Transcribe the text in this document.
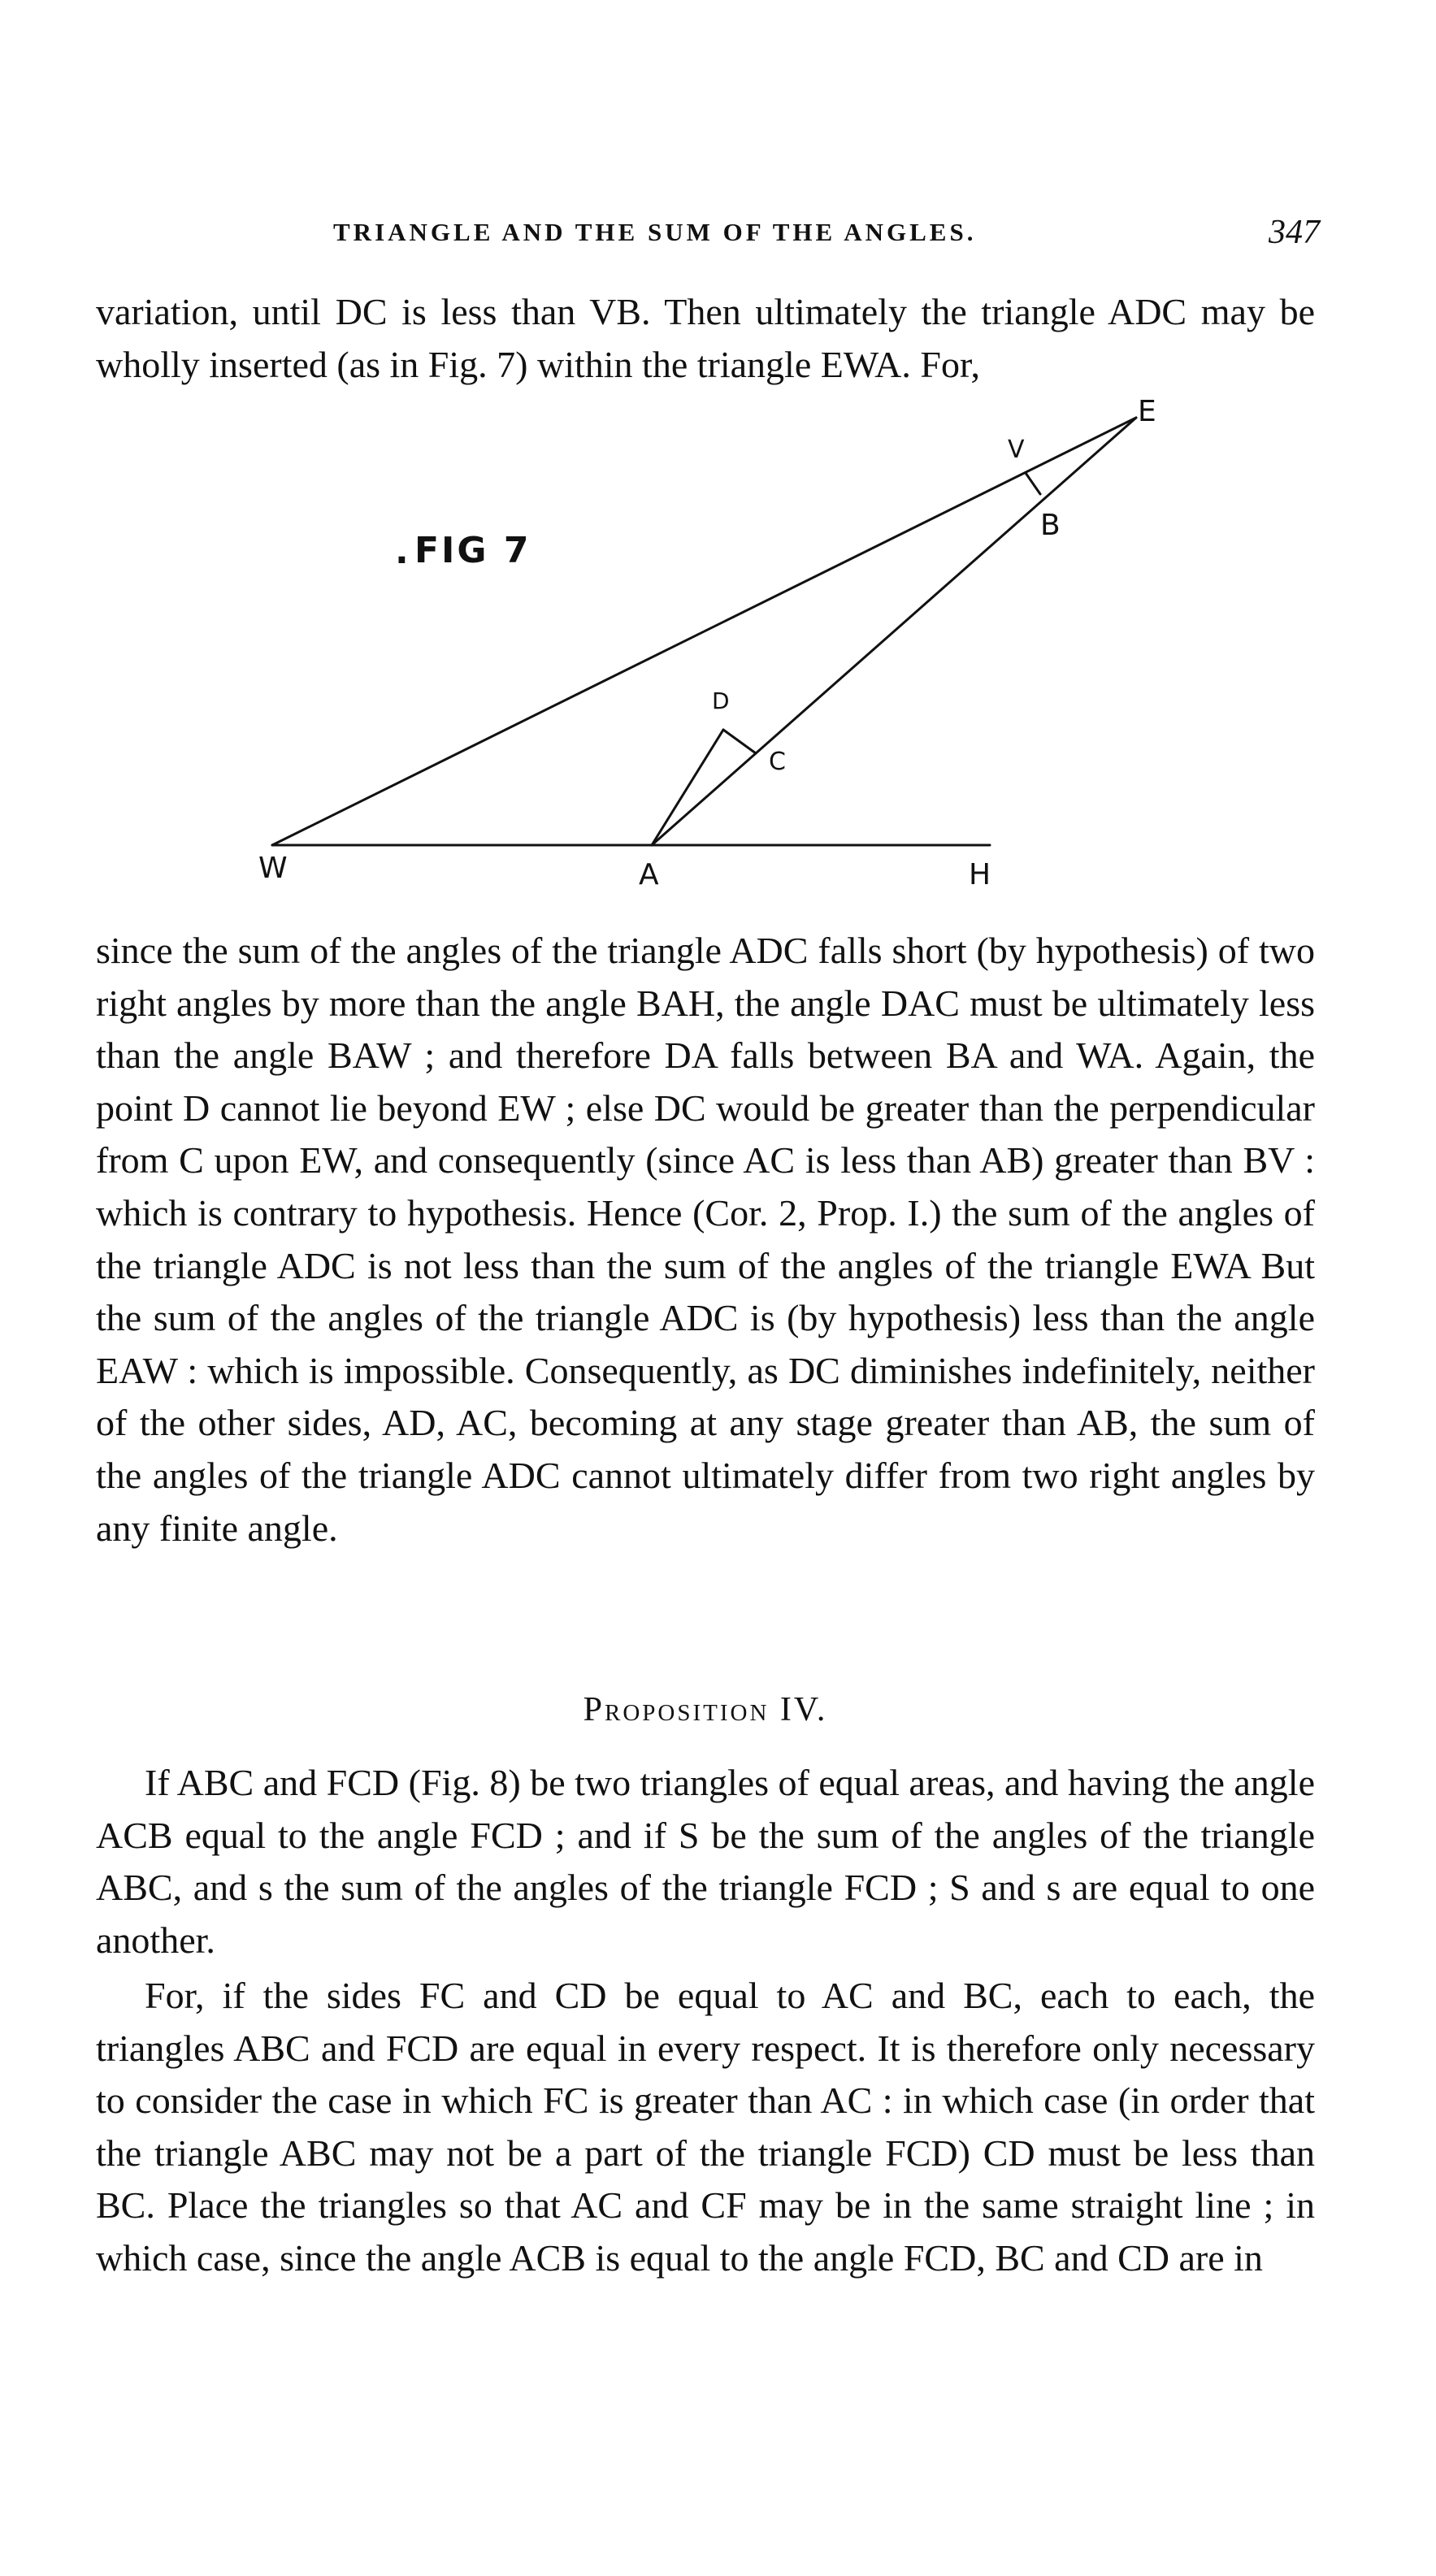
TRIANGLE AND THE SUM OF THE ANGLES.	347

variation, until DC is less than VB. Then ultimately the triangle ADC may be wholly inserted (as in Fig. 7) within the triangle EWA. For,

· FIG 7
E
V
B
D
C
W	A	H

since the sum of the angles of the triangle ADC falls short (by hypothesis) of two right angles by more than the angle BAH, the angle DAC must be ultimately less than the angle BAW ; and therefore DA falls between BA and WA. Again, the point D cannot lie beyond EW ; else DC would be greater than the perpendicular from C upon EW, and consequently (since AC is less than AB) greater than BV : which is contrary to hypothesis. Hence (Cor. 2, Prop. I.) the sum of the angles of the triangle ADC is not less than the sum of the angles of the triangle EWA But the sum of the angles of the triangle ADC is (by hypothesis) less than the angle EAW : which is impossible. Consequently, as DC diminishes indefinitely, neither of the other sides, AD, AC, becoming at any stage greater than AB, the sum of the angles of the triangle ADC cannot ultimately differ from two right angles by any finite angle.

Proposition IV.

If ABC and FCD (Fig. 8) be two triangles of equal areas, and having the angle ACB equal to the angle FCD ; and if S be the sum of the angles of the triangle ABC, and s the sum of the angles of the triangle FCD ; S and s are equal to one another.

For, if the sides FC and CD be equal to AC and BC, each to each, the triangles ABC and FCD are equal in every respect. It is therefore only necessary to consider the case in which FC is greater than AC : in which case (in order that the triangle ABC may not be a part of the triangle FCD) CD must be less than BC. Place the triangles so that AC and CF may be in the same straight line ; in which case, since the angle ACB is equal to the angle FCD, BC and CD are in
